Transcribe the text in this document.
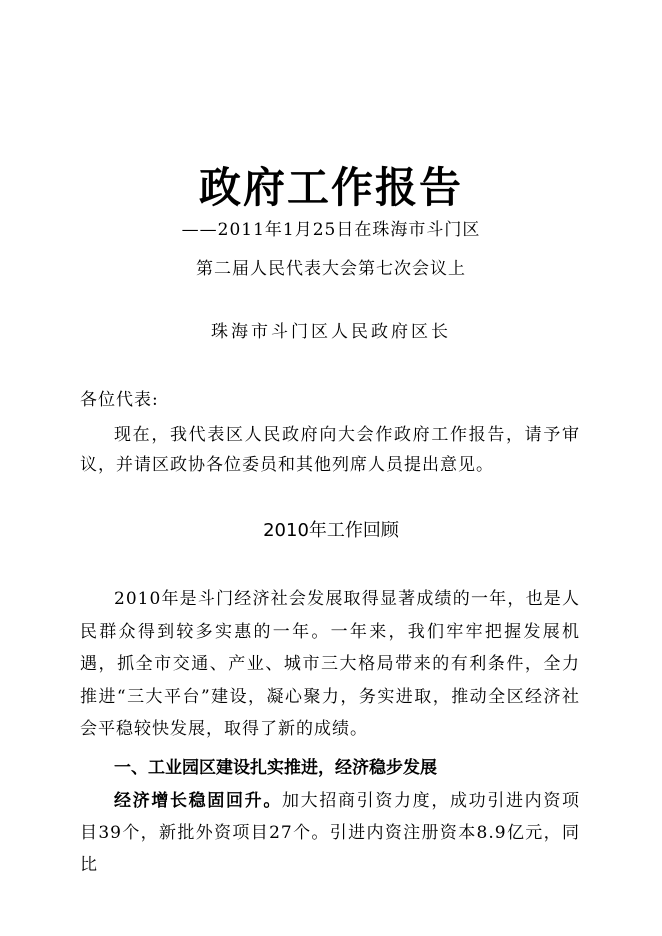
政府工作报告
——2011年1月25日在珠海市斗门区
第二届人民代表大会第七次会议上
珠海市斗门区人民政府区长
各位代表:
现在，我代表区人民政府向大会作政府工作报告，请予审议，并请区政协各位委员和其他列席人员提出意见。
2010年工作回顾
2010年是斗门经济社会发展取得显著成绩的一年，也是人民群众得到较多实惠的一年。一年来，我们牢牢把握发展机遇，抓全市交通、产业、城市三大格局带来的有利条件，全力推进“三大平台”建设，凝心聚力，务实进取，推动全区经济社会平稳较快发展，取得了新的成绩。
一、工业园区建设扎实推进，经济稳步发展
经济增长稳固回升。加大招商引资力度，成功引进内资项目39个，新批外资项目27个。引进内资注册资本8.9亿元，同比
